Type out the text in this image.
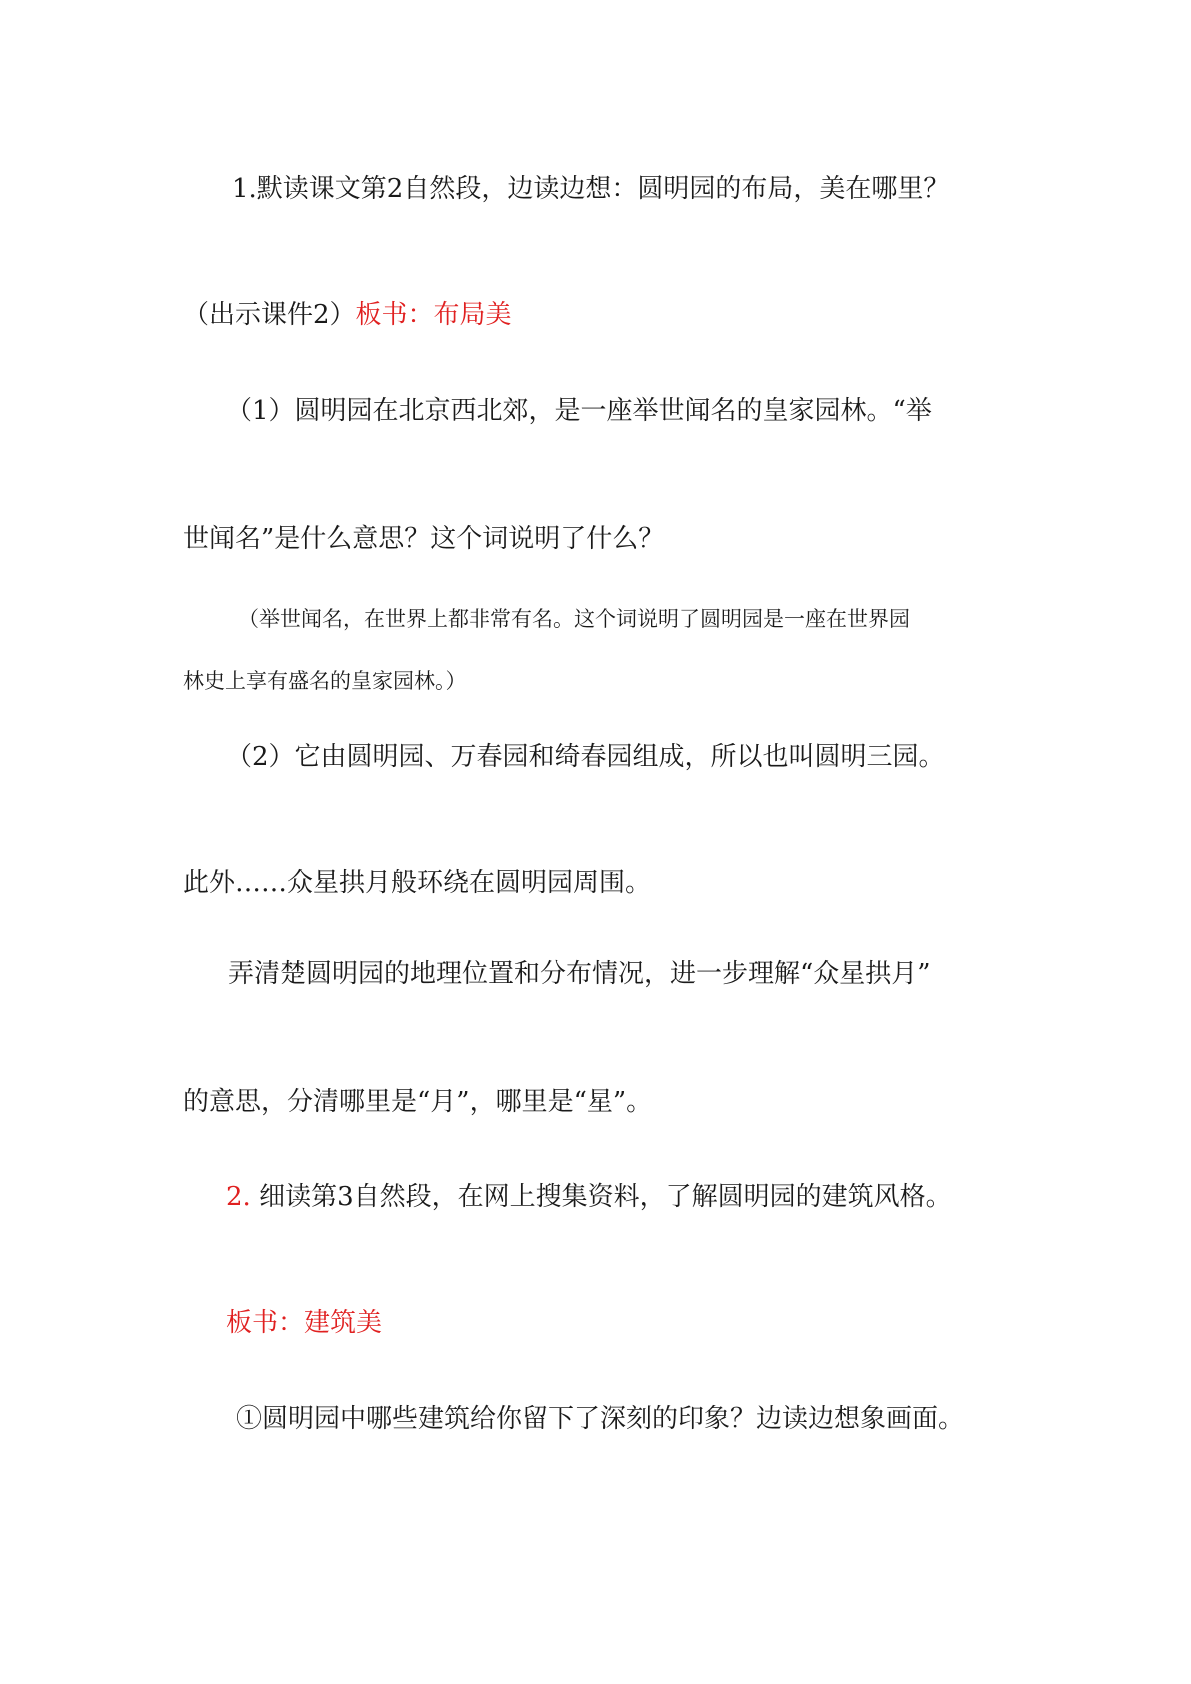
1.默读课文第2自然段，边读边想：圆明园的布局，美在哪里？
（出示课件2）板书：布局美
（1）圆明园在北京西北郊，是一座举世闻名的皇家园林。“举
世闻名”是什么意思？这个词说明了什么？
（举世闻名，在世界上都非常有名。这个词说明了圆明园是一座在世界园
林史上享有盛名的皇家园林。）
（2）它由圆明园、万春园和绮春园组成，所以也叫圆明三园。
此外……众星拱月般环绕在圆明园周围。
弄清楚圆明园的地理位置和分布情况，进一步理解“众星拱月”
的意思，分清哪里是“月”，哪里是“星”。
2. 细读第3自然段，在网上搜集资料，了解圆明园的建筑风格。
板书：建筑美
①圆明园中哪些建筑给你留下了深刻的印象？边读边想象画面。
